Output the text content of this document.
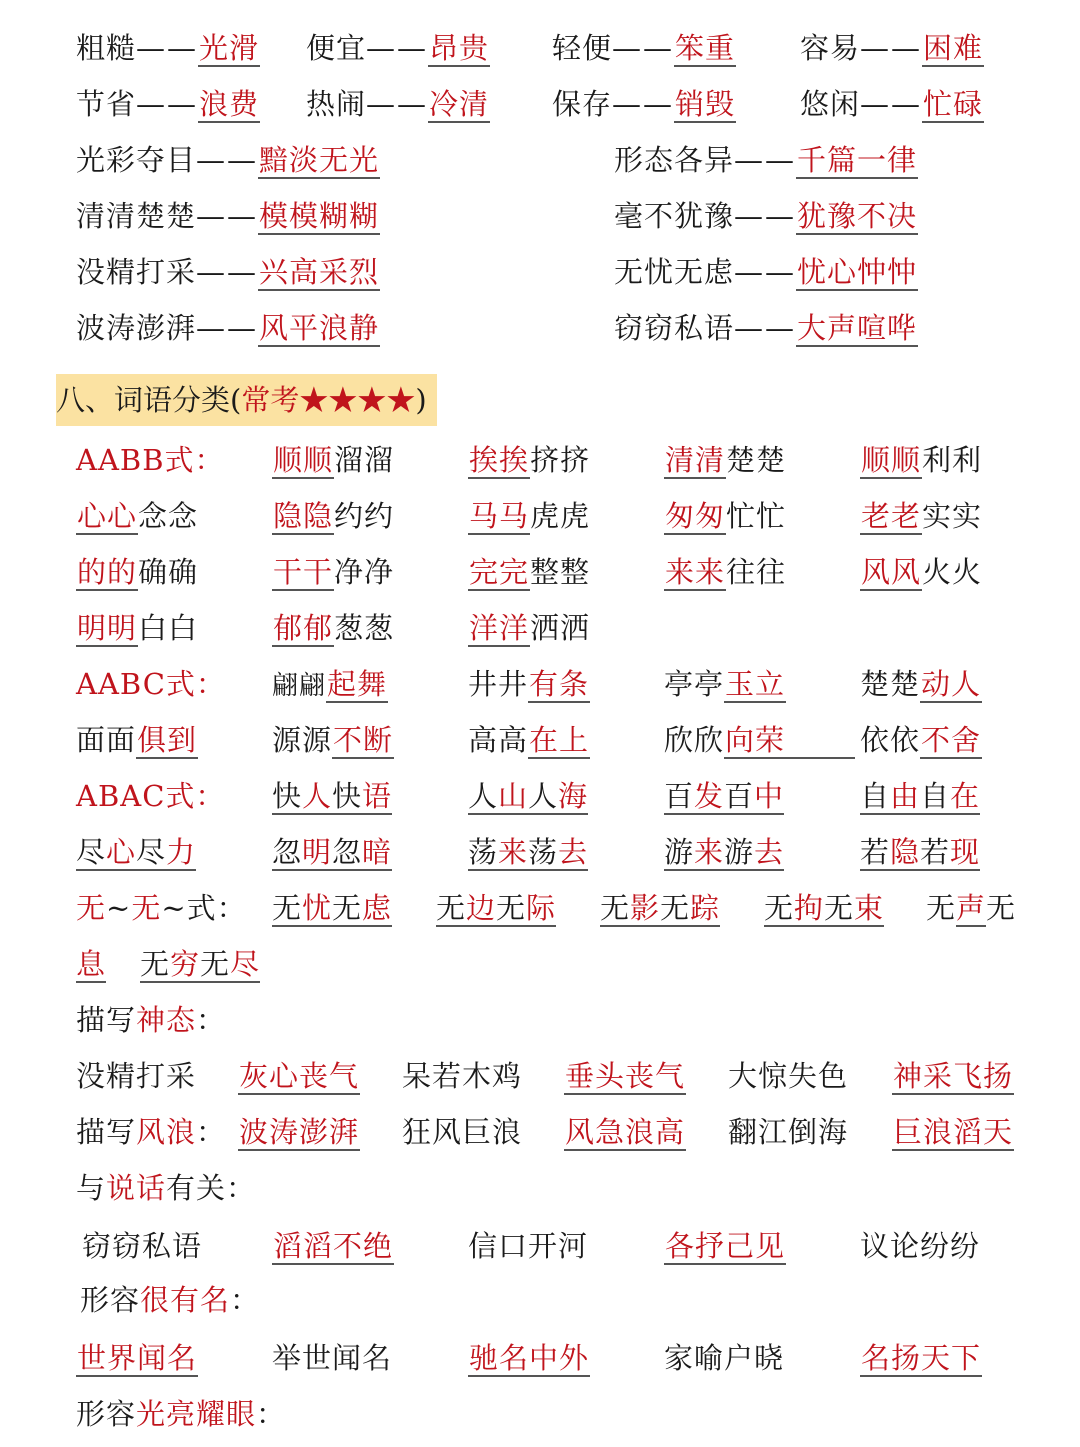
粗糙——光滑 便宜——昂贵 轻便——笨重 容易——困难
节省——浪费 热闹——冷清 保存——销毁 悠闲——忙碌
光彩夺目——黯淡无光	形态各异——千篇一律
清清楚楚——模模糊糊	毫不犹豫——犹豫不决
没精打采——兴高采烈	无忧无虑——忧心忡忡
波涛澎湃——风平浪静	窃窃私语——大声喧哗
八、词语分类(常考★★★★)
AABB式： 顺顺溜溜	挨挨挤挤	清清楚楚	顺顺利利
心心念念	隐隐约约	马马虎虎	匆匆忙忙	老老实实
的的确确	干干净净	完完整整	来来往往	风风火火
明明白白	郁郁葱葱	洋洋洒洒
AABC式： 翩翩起舞	井井有条	亭亭玉立	楚楚动人
面面俱到	源源不断	高高在上	欣欣向荣	依依不舍
ABAC式： 快人快语	人山人海	百发百中	自由自在
尽心尽力	忽明忽暗	荡来荡去	游来游去	若隐若现
无~无~式： 无忧无虑 无边无际 无影无踪 无拘无束 无声无
息 无穷无尽
描写神态：
没精打采 灰心丧气 呆若木鸡 垂头丧气 大惊失色 神采飞扬
描写风浪： 波涛澎湃 狂风巨浪 风急浪高 翻江倒海 巨浪滔天
与说话有关：
窃窃私语 滔滔不绝	信口开河	各抒己见	议论纷纷
形容很有名：
世界闻名	举世闻名	驰名中外	家喻户晓	名扬天下
形容光亮耀眼：
